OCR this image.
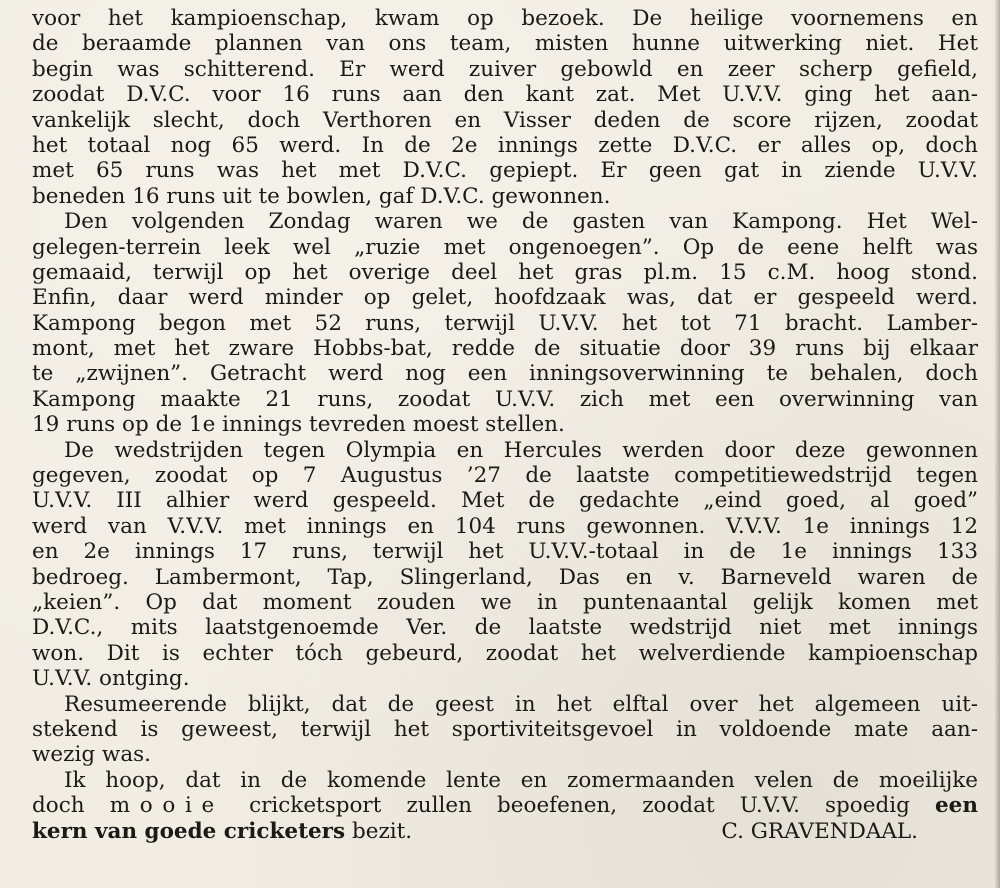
voor het kampioenschap, kwam op bezoek. De heilige voornemens en
de beraamde plannen van ons team, misten hunne uitwerking niet. Het
begin was schitterend. Er werd zuiver gebowld en zeer scherp gefield,
zoodat D.V.C. voor 16 runs aan den kant zat. Met U.V.V. ging het aan-
vankelijk slecht, doch Verthoren en Visser deden de score rijzen, zoodat
het totaal nog 65 werd. In de 2e innings zette D.V.C. er alles op, doch
met 65 runs was het met D.V.C. gepiept. Er geen gat in ziende U.V.V.
beneden 16 runs uit te bowlen, gaf D.V.C. gewonnen.
Den volgenden Zondag waren we de gasten van Kampong. Het Wel-
gelegen-terrein leek wel „ruzie met ongenoegen”. Op de eene helft was
gemaaid, terwijl op het overige deel het gras pl.m. 15 c.M. hoog stond.
Enfin, daar werd minder op gelet, hoofdzaak was, dat er gespeeld werd.
Kampong begon met 52 runs, terwijl U.V.V. het tot 71 bracht. Lamber-
mont, met het zware Hobbs-bat, redde de situatie door 39 runs bij elkaar
te „zwijnen”. Getracht werd nog een inningsoverwinning te behalen, doch
Kampong maakte 21 runs, zoodat U.V.V. zich met een overwinning van
19 runs op de 1e innings tevreden moest stellen.
De wedstrijden tegen Olympia en Hercules werden door deze gewonnen
gegeven, zoodat op 7 Augustus ’27 de laatste competitiewedstrijd tegen
U.V.V. III alhier werd gespeeld. Met de gedachte „eind goed, al goed”
werd van V.V.V. met innings en 104 runs gewonnen. V.V.V. 1e innings 12
en 2e innings 17 runs, terwijl het U.V.V.-totaal in de 1e innings 133
bedroeg. Lambermont, Tap, Slingerland, Das en v. Barneveld waren de
„keien”. Op dat moment zouden we in puntenaantal gelijk komen met
D.V.C., mits laatstgenoemde Ver. de laatste wedstrijd niet met innings
won. Dit is echter tóch gebeurd, zoodat het welverdiende kampioenschap
U.V.V. ontging.
Resumeerende blijkt, dat de geest in het elftal over het algemeen uit-
stekend is geweest, terwijl het sportiviteitsgevoel in voldoende mate aan-
wezig was.
Ik hoop, dat in de komende lente en zomermaanden velen de moeilijke
doch mooie cricketsport zullen beoefenen, zoodat U.V.V. spoedig een
kern van goede cricketers bezit.	C. GRAVENDAAL.
